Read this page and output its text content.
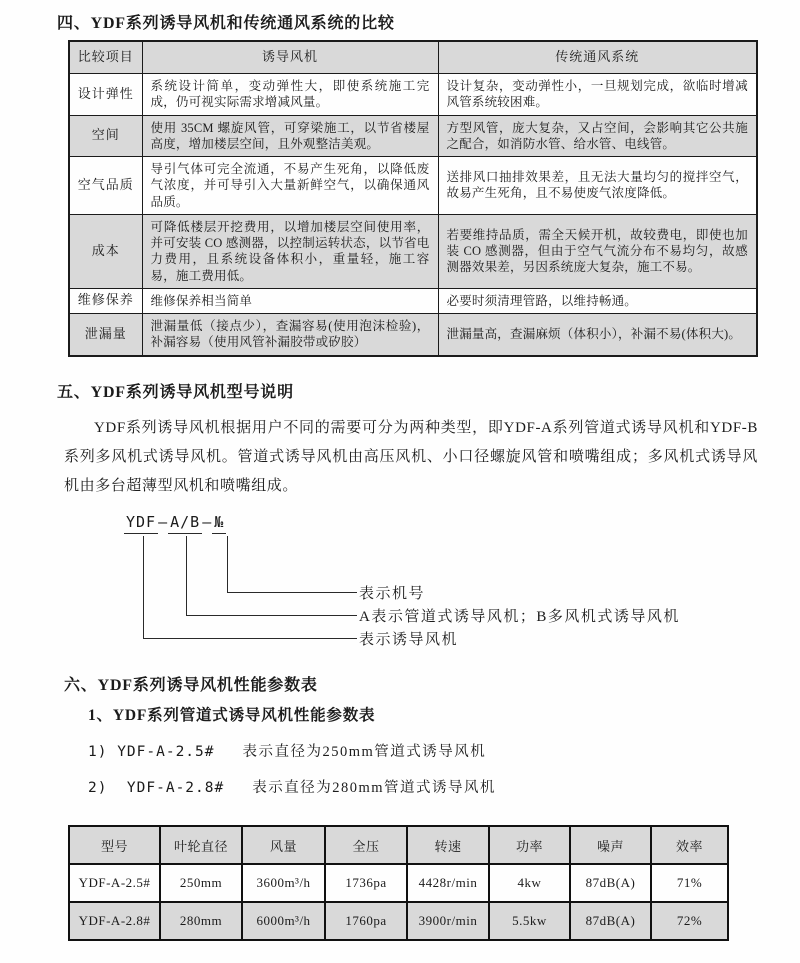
四、YDF系列诱导风机和传统通风系统的比较
比较项目	诱导风机	传统通风系统
设计弹性	系统设计简单，变动弹性大，即使系统施工完成，仍可视实际需求增减风量。	设计复杂，变动弹性小，一旦规划完成，欲临时增减风管系统较困难。
空间	使用 35CM 螺旋风管，可穿梁施工，以节省楼屋高度，增加楼层空间，且外观整洁美观。	方型风管，庞大复杂，又占空间，会影响其它公共施之配合，如消防水管、给水管、电线管。
空气品质	导引气体可完全流通，不易产生死角，以降低废气浓度，并可导引入大量新鲜空气，以确保通风品质。	送排风口抽排效果差，且无法大量均匀的搅拌空气，故易产生死角，且不易使废气浓度降低。
成本	可降低楼层开挖费用，以增加楼层空间使用率，并可安装 CO 感测器，以控制运转状态，以节省电力费用，且系统设备体积小，重量轻，施工容易，施工费用低。	若要维持品质，需全天候开机，故较费电，即使也加装 CO 感测器，但由于空气气流分布不易均匀，故感测器效果差，另因系统庞大复杂，施工不易。
维修保养	维修保养相当简单	必要时须清理管路，以维持畅通。
泄漏量	泄漏量低（接点少），查漏容易(使用泡沫检验)，补漏容易（使用风管补漏胶带或矽胶）	泄漏量高，查漏麻烦（体积小），补漏不易(体积大)。
五、YDF系列诱导风机型号说明

YDF系列诱导风机根据用户不同的需要可分为两种类型，即YDF-A系列管道式诱导风机和YDF-B系列多风机式诱导风机。管道式诱导风机由高压风机、小口径螺旋风管和喷嘴组成；多风机式诱导风机由多台超薄型风机和喷嘴组成。

YDF — A/B — №
表示机号
A表示管道式诱导风机；B多风机式诱导风机
表示诱导风机
六、YDF系列诱导风机性能参数表
1、YDF系列管道式诱导风机性能参数表
1) YDF-A-2.5# 表示直径为250mm管道式诱导风机
2)  YDF-A-2.8# 表示直径为280mm管道式诱导风机
型号	叶轮直径	风量	全压	转速	功率	噪声	效率
YDF-A-2.5#	250mm	3600m³/h	1736pa	4428r/min	4kw	87dB(A)	71%
YDF-A-2.8#	280mm	6000m³/h	1760pa	3900r/min	5.5kw	87dB(A)	72%
